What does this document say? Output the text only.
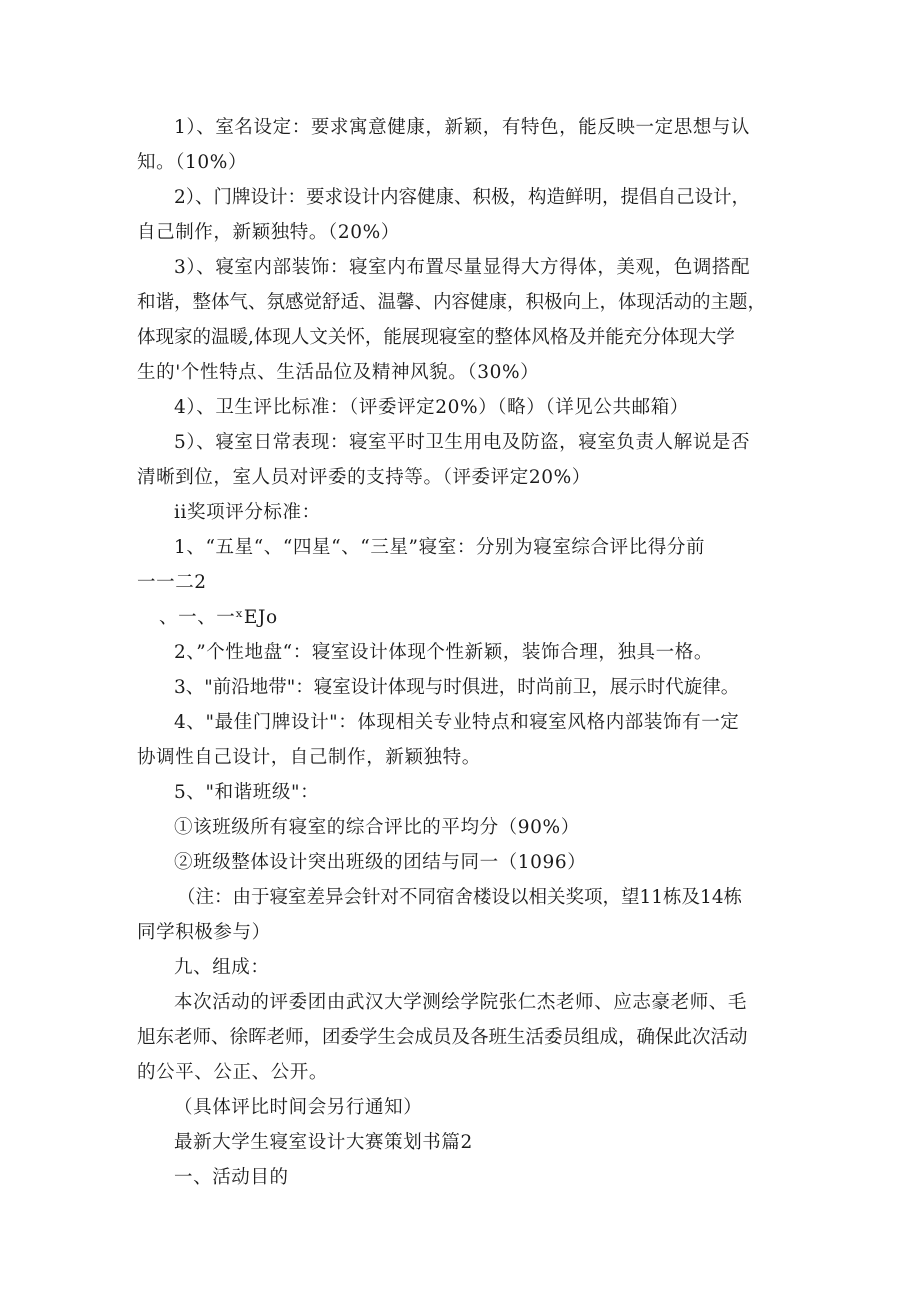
1）、室名设定：要求寓意健康，新颖，有特色，能反映一定思想与认
知。（10%）

2）、门牌设计：要求设计内容健康、积极，构造鲜明，提倡自己设计，
自己制作，新颖独特。（20%）

3）、寝室内部装饰：寝室内布置尽量显得大方得体，美观，色调搭配
和谐，整体气、氛感觉舒适、温馨、内容健康，积极向上，体现活动的主题，
体现家的温暖,体现人文关怀，能展现寝室的整体风格及并能充分体现大学
生的'个性特点、生活品位及精神风貌。（30%）

4）、卫生评比标准：（评委评定20%）（略）（详见公共邮箱）

5）、寝室日常表现：寝室平时卫生用电及防盗，寝室负责人解说是否
清晰到位，室人员对评委的支持等。（评委评定20%）

ii奖项评分标准：

1、“五星“、“四星“、“三星”寝室：分别为寝室综合评比得分前
一一二2

、一、一ˣEJo

2、”个性地盘“：寝室设计体现个性新颖，装饰合理，独具一格。

3、"前沿地带"：寝室设计体现与时俱进，时尚前卫，展示时代旋律。

4、"最佳门牌设计"：体现相关专业特点和寝室风格内部装饰有一定
协调性自己设计，自己制作，新颖独特。

5、"和谐班级"：

①该班级所有寝室的综合评比的平均分（90%）

②班级整体设计突出班级的团结与同一（1096）

（注：由于寝室差异会针对不同宿舍楼设以相关奖项，望11栋及14栋
同学积极参与）

九、组成：

本次活动的评委团由武汉大学测绘学院张仁杰老师、应志豪老师、毛
旭东老师、徐晖老师，团委学生会成员及各班生活委员组成，确保此次活动
的公平、公正、公开。

（具体评比时间会另行通知）

最新大学生寝室设计大赛策划书篇2

一、活动目的
